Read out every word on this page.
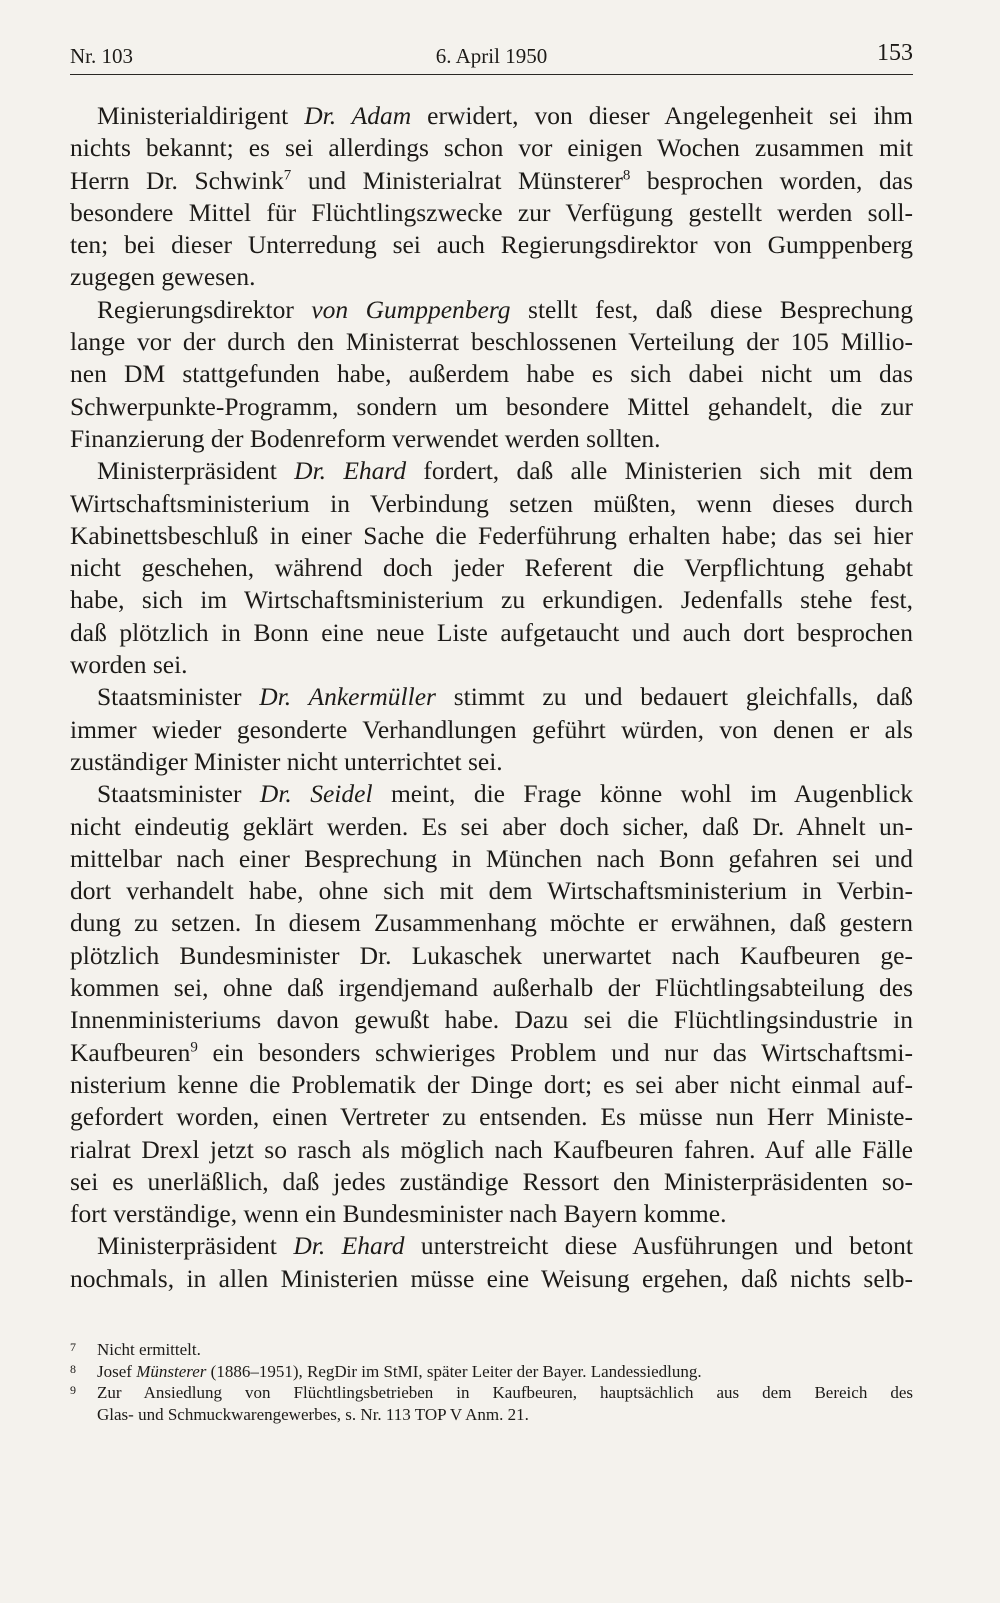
Nr. 103	6. April 1950	153
Ministerialdirigent Dr. Adam erwidert, von dieser Angelegenheit sei ihm
nichts bekannt; es sei allerdings schon vor einigen Wochen zusammen mit
Herrn Dr. Schwink$^7$ und Ministerialrat Münsterer$^8$ besprochen worden, das
besondere Mittel für Flüchtlingszwecke zur Verfügung gestellt werden soll-
ten; bei dieser Unterredung sei auch Regierungsdirektor von Gumppenberg
zugegen gewesen.
Regierungsdirektor von Gumppenberg stellt fest, daß diese Besprechung
lange vor der durch den Ministerrat beschlossenen Verteilung der 105 Millio-
nen DM stattgefunden habe, außerdem habe es sich dabei nicht um das
Schwerpunkte-Programm, sondern um besondere Mittel gehandelt, die zur
Finanzierung der Bodenreform verwendet werden sollten.
Ministerpräsident Dr. Ehard fordert, daß alle Ministerien sich mit dem
Wirtschaftsministerium in Verbindung setzen müßten, wenn dieses durch
Kabinettsbeschluß in einer Sache die Federführung erhalten habe; das sei hier
nicht geschehen, während doch jeder Referent die Verpflichtung gehabt
habe, sich im Wirtschaftsministerium zu erkundigen. Jedenfalls stehe fest,
daß plötzlich in Bonn eine neue Liste aufgetaucht und auch dort besprochen
worden sei.
Staatsminister Dr. Ankermüller stimmt zu und bedauert gleichfalls, daß
immer wieder gesonderte Verhandlungen geführt würden, von denen er als
zuständiger Minister nicht unterrichtet sei.
Staatsminister Dr. Seidel meint, die Frage könne wohl im Augenblick
nicht eindeutig geklärt werden. Es sei aber doch sicher, daß Dr. Ahnelt un-
mittelbar nach einer Besprechung in München nach Bonn gefahren sei und
dort verhandelt habe, ohne sich mit dem Wirtschaftsministerium in Verbin-
dung zu setzen. In diesem Zusammenhang möchte er erwähnen, daß gestern
plötzlich Bundesminister Dr. Lukaschek unerwartet nach Kaufbeuren ge-
kommen sei, ohne daß irgendjemand außerhalb der Flüchtlingsabteilung des
Innenministeriums davon gewußt habe. Dazu sei die Flüchtlingsindustrie in
Kaufbeuren$^9$ ein besonders schwieriges Problem und nur das Wirtschaftsmi-
nisterium kenne die Problematik der Dinge dort; es sei aber nicht einmal auf-
gefordert worden, einen Vertreter zu entsenden. Es müsse nun Herr Ministe-
rialrat Drexl jetzt so rasch als möglich nach Kaufbeuren fahren. Auf alle Fälle
sei es unerläßlich, daß jedes zuständige Ressort den Ministerpräsidenten so-
fort verständige, wenn ein Bundesminister nach Bayern komme.
Ministerpräsident Dr. Ehard unterstreicht diese Ausführungen und betont
nochmals, in allen Ministerien müsse eine Weisung ergehen, daß nichts selb-
7 Nicht ermittelt.
8 Josef Münsterer (1886–1951), RegDir im StMI, später Leiter der Bayer. Landessiedlung.
9 Zur Ansiedlung von Flüchtlingsbetrieben in Kaufbeuren, hauptsächlich aus dem Bereich des
Glas- und Schmuckwarengewerbes, s. Nr. 113 TOP V Anm. 21.
